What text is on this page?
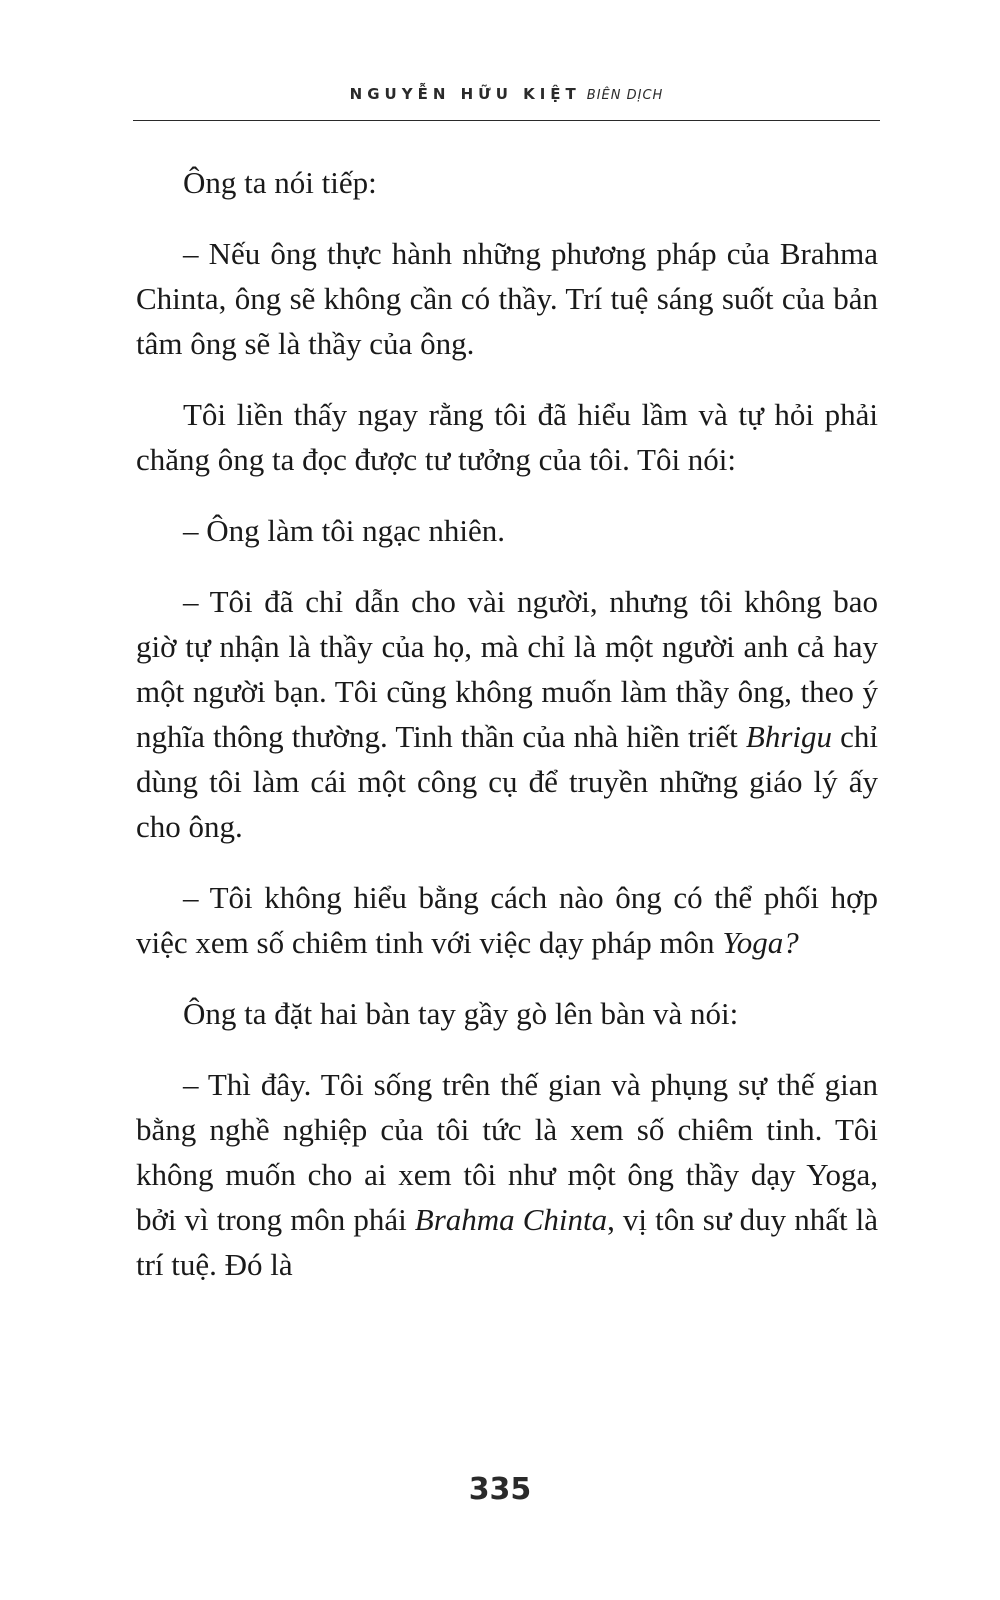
NGUYỄN HỮU KIỆT BIÊN DỊCH

Ông ta nói tiếp:

– Nếu ông thực hành những phương pháp của Brahma Chinta, ông sẽ không cần có thầy. Trí tuệ sáng suốt của bản tâm ông sẽ là thầy của ông.

Tôi liền thấy ngay rằng tôi đã hiểu lầm và tự hỏi phải chăng ông ta đọc được tư tưởng của tôi. Tôi nói:

– Ông làm tôi ngạc nhiên.

– Tôi đã chỉ dẫn cho vài người, nhưng tôi không bao giờ tự nhận là thầy của họ, mà chỉ là một người anh cả hay một người bạn. Tôi cũng không muốn làm thầy ông, theo ý nghĩa thông thường. Tinh thần của nhà hiền triết Bhrigu chỉ dùng tôi làm cái một công cụ để truyền những giáo lý ấy cho ông.

– Tôi không hiểu bằng cách nào ông có thể phối hợp việc xem số chiêm tinh với việc dạy pháp môn Yoga?

Ông ta đặt hai bàn tay gầy gò lên bàn và nói:

– Thì đây. Tôi sống trên thế gian và phụng sự thế gian bằng nghề nghiệp của tôi tức là xem số chiêm tinh. Tôi không muốn cho ai xem tôi như một ông thầy dạy Yoga, bởi vì trong môn phái Brahma Chinta, vị tôn sư duy nhất là trí tuệ. Đó là

335
